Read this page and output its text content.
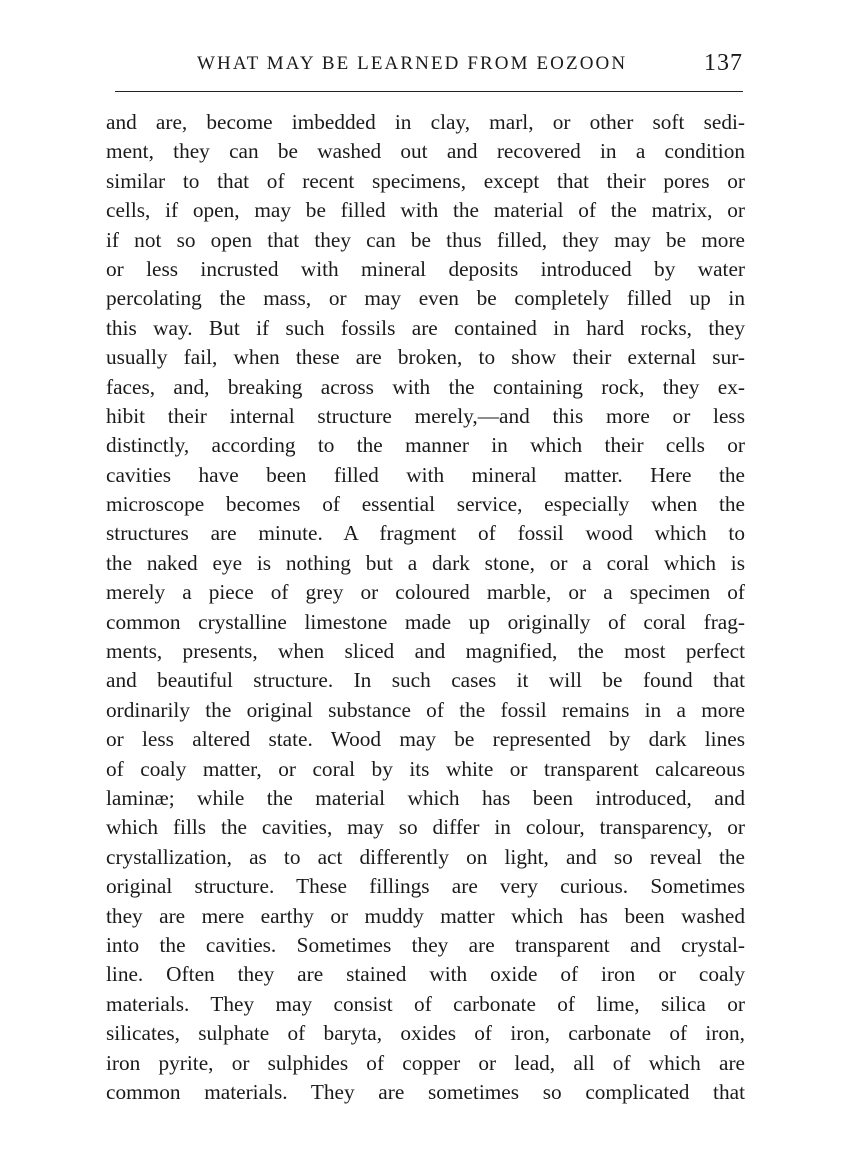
WHAT MAY BE LEARNED FROM EOZOON	137
and are, become imbedded in clay, marl, or other soft sedi-
ment, they can be washed out and recovered in a condition
similar to that of recent specimens, except that their pores or
cells, if open, may be filled with the material of the matrix, or
if not so open that they can be thus filled, they may be more
or less incrusted with mineral deposits introduced by water
percolating the mass, or may even be completely filled up in
this way. But if such fossils are contained in hard rocks, they
usually fail, when these are broken, to show their external sur-
faces, and, breaking across with the containing rock, they ex-
hibit their internal structure merely,—and this more or less
distinctly, according to the manner in which their cells or
cavities have been filled with mineral matter. Here the
microscope becomes of essential service, especially when the
structures are minute. A fragment of fossil wood which to
the naked eye is nothing but a dark stone, or a coral which is
merely a piece of grey or coloured marble, or a specimen of
common crystalline limestone made up originally of coral frag-
ments, presents, when sliced and magnified, the most perfect
and beautiful structure. In such cases it will be found that
ordinarily the original substance of the fossil remains in a more
or less altered state. Wood may be represented by dark lines
of coaly matter, or coral by its white or transparent calcareous
laminæ; while the material which has been introduced, and
which fills the cavities, may so differ in colour, transparency, or
crystallization, as to act differently on light, and so reveal the
original structure. These fillings are very curious. Sometimes
they are mere earthy or muddy matter which has been washed
into the cavities. Sometimes they are transparent and crystal-
line. Often they are stained with oxide of iron or coaly
materials. They may consist of carbonate of lime, silica or
silicates, sulphate of baryta, oxides of iron, carbonate of iron,
iron pyrite, or sulphides of copper or lead, all of which are
common materials. They are sometimes so complicated that
